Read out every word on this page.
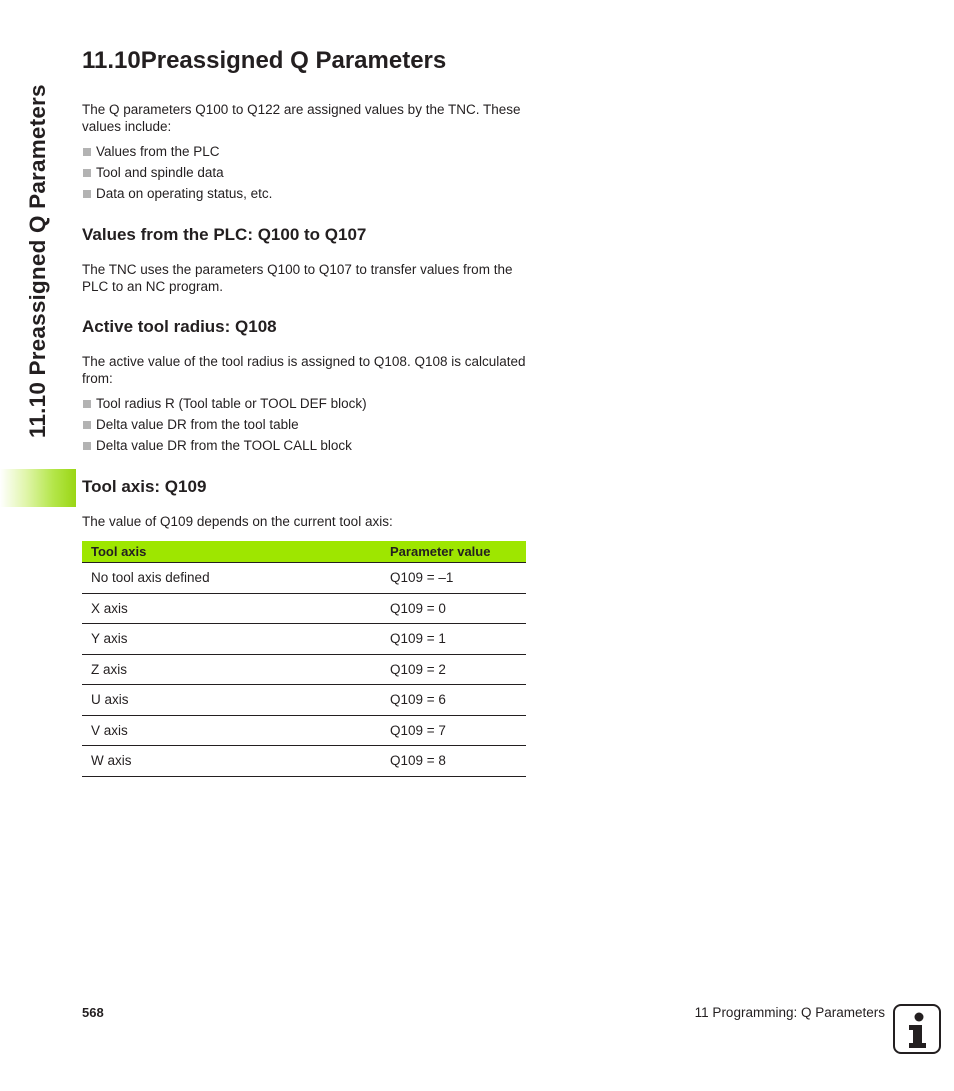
11.10 Preassigned Q Parameters
11.10Preassigned Q Parameters

The Q parameters Q100 to Q122 are assigned values by the TNC. These values include:

Values from the PLC
Tool and spindle data
Data on operating status, etc.
Values from the PLC: Q100 to Q107

The TNC uses the parameters Q100 to Q107 to transfer values from the PLC to an NC program.

Active tool radius: Q108

The active value of the tool radius is assigned to Q108. Q108 is calculated from:

Tool radius R (Tool table or TOOL DEF block)
Delta value DR from the tool table
Delta value DR from the TOOL CALL block
Tool axis: Q109

The value of Q109 depends on the current tool axis:

Tool axis	Parameter value
No tool axis defined	Q109 = –1
X axis	Q109 = 0
Y axis	Q109 = 1
Z axis	Q109 = 2
U axis	Q109 = 6
V axis	Q109 = 7
W axis	Q109 = 8
568	11 Programming: Q Parameters
